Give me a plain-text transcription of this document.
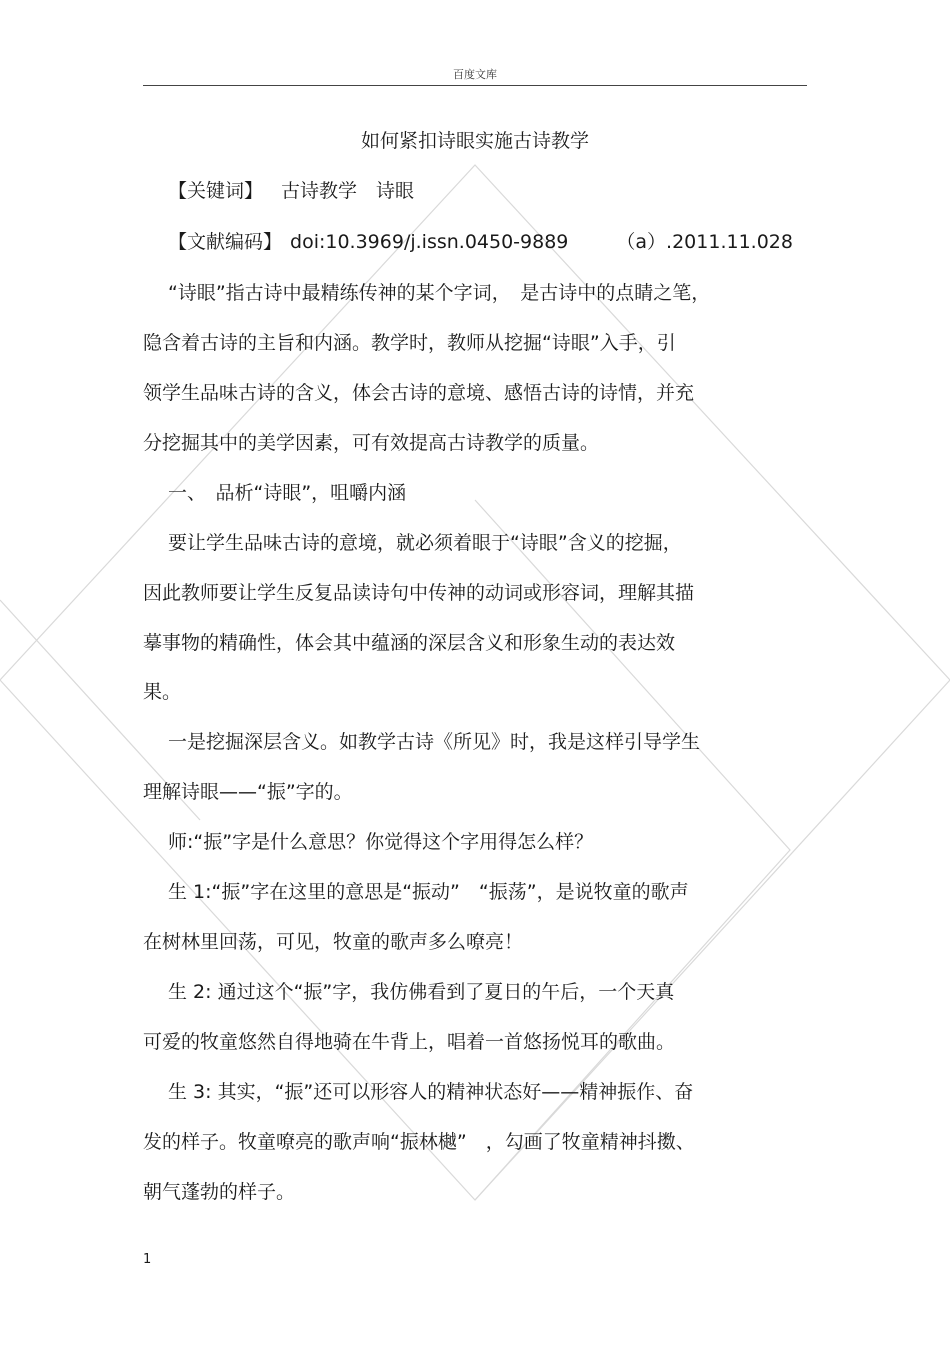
百度文库
如何紧扣诗眼实施古诗教学
【关键词】 古诗教学　诗眼
【文献编码】 doi:10.3969/j.issn.0450-9889	（a）.2011.11.028
“诗眼”指古诗中最精练传神的某个字词，　是古诗中的点睛之笔，
隐含着古诗的主旨和内涵。教学时，教师从挖掘“诗眼”入手，引
领学生品味古诗的含义，体会古诗的意境、感悟古诗的诗情，并充
分挖掘其中的美学因素，可有效提高古诗教学的质量。
一、　品析“诗眼”，咀嚼内涵
要让学生品味古诗的意境，就必须着眼于“诗眼”含义的挖掘，
因此教师要让学生反复品读诗句中传神的动词或形容词，理解其描
摹事物的精确性，体会其中蕴涵的深层含义和形象生动的表达效
果。
一是挖掘深层含义。如教学古诗《所见》时，我是这样引导学生
理解诗眼——“振”字的。
师:“振”字是什么意思？你觉得这个字用得怎么样？
生 1:“振”字在这里的意思是“振动”　“振荡”，是说牧童的歌声
在树林里回荡，可见，牧童的歌声多么嘹亮！
生 2: 通过这个“振”字，我仿佛看到了夏日的午后，一个天真
可爱的牧童悠然自得地骑在牛背上，唱着一首悠扬悦耳的歌曲。
生 3: 其实，“振”还可以形容人的精神状态好——精神振作、奋
发的样子。牧童嘹亮的歌声响“振林樾”　，勾画了牧童精神抖擞、
朝气蓬勃的样子。
1
